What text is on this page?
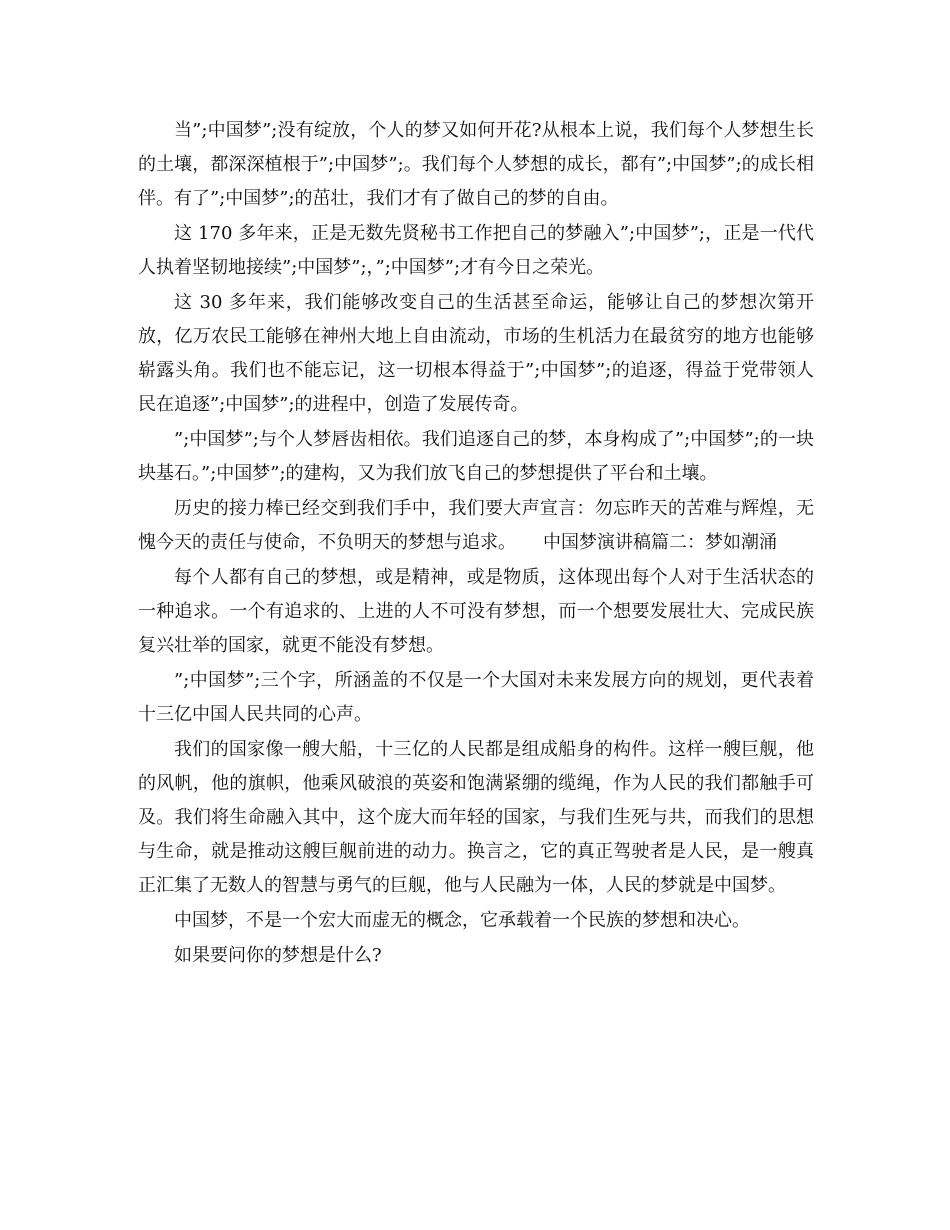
当”;中国梦”;没有绽放，个人的梦又如何开花?从根本上说，我们每个人梦想生长的土壤，都深深植根于”;中国梦”;。我们每个人梦想的成长，都有”;中国梦”;的成长相伴。有了”;中国梦”;的茁壮，我们才有了做自己的梦的自由。

这 170 多年来，正是无数先贤秘书工作把自己的梦融入”;中国梦”;，正是一代代人执着坚韧地接续”;中国梦”;，”;中国梦”;才有今日之荣光。

这 30 多年来，我们能够改变自己的生活甚至命运，能够让自己的梦想次第开放，亿万农民工能够在神州大地上自由流动，市场的生机活力在最贫穷的地方也能够崭露头角。我们也不能忘记，这一切根本得益于”;中国梦”;的追逐，得益于党带领人民在追逐”;中国梦”;的进程中，创造了发展传奇。

”;中国梦”;与个人梦唇齿相依。我们追逐自己的梦，本身构成了”;中国梦”;的一块块基石。”;中国梦”;的建构，又为我们放飞自己的梦想提供了平台和土壤。

历史的接力棒已经交到我们手中，我们要大声宣言：勿忘昨天的苦难与辉煌，无愧今天的责任与使命，不负明天的梦想与追求。　　中国梦演讲稿篇二：梦如潮涌

每个人都有自己的梦想，或是精神，或是物质，这体现出每个人对于生活状态的一种追求。一个有追求的、上进的人不可没有梦想，而一个想要发展壮大、完成民族复兴壮举的国家，就更不能没有梦想。

”;中国梦”;三个字，所涵盖的不仅是一个大国对未来发展方向的规划，更代表着十三亿中国人民共同的心声。

我们的国家像一艘大船，十三亿的人民都是组成船身的构件。这样一艘巨舰，他的风帆，他的旗帜，他乘风破浪的英姿和饱满紧绷的缆绳，作为人民的我们都触手可及。我们将生命融入其中，这个庞大而年轻的国家，与我们生死与共，而我们的思想与生命，就是推动这艘巨舰前进的动力。换言之，它的真正驾驶者是人民，是一艘真正汇集了无数人的智慧与勇气的巨舰，他与人民融为一体，人民的梦就是中国梦。

中国梦，不是一个宏大而虚无的概念，它承载着一个民族的梦想和决心。

如果要问你的梦想是什么?
